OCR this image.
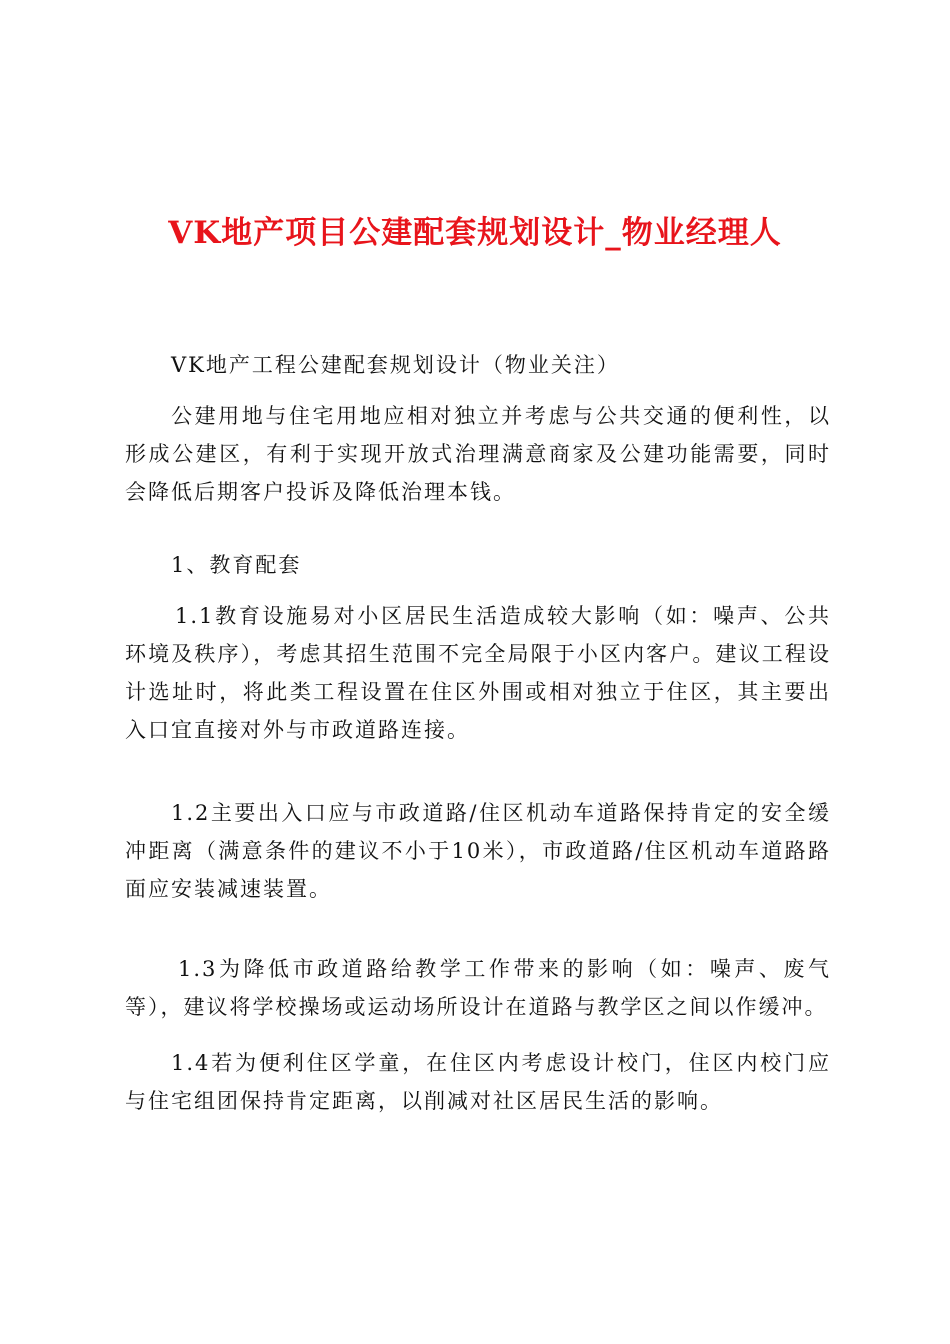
VK地产项目公建配套规划设计_物业经理人
VK地产工程公建配套规划设计（物业关注）
公建用地与住宅用地应相对独立并考虑与公共交通的便利性，以形成公建区，有利于实现开放式治理满意商家及公建功能需要，同时会降低后期客户投诉及降低治理本钱。
1、教育配套
1.1教育设施易对小区居民生活造成较大影响（如：噪声、公共环境及秩序），考虑其招生范围不完全局限于小区内客户。建议工程设计选址时，将此类工程设置在住区外围或相对独立于住区，其主要出入口宜直接对外与市政道路连接。
1.2主要出入口应与市政道路/住区机动车道路保持肯定的安全缓冲距离（满意条件的建议不小于10米），市政道路/住区机动车道路路面应安装减速装置。
1.3为降低市政道路给教学工作带来的影响（如：噪声、废气等），建议将学校操场或运动场所设计在道路与教学区之间以作缓冲。
1.4若为便利住区学童，在住区内考虑设计校门，住区内校门应与住宅组团保持肯定距离，以削减对社区居民生活的影响。
